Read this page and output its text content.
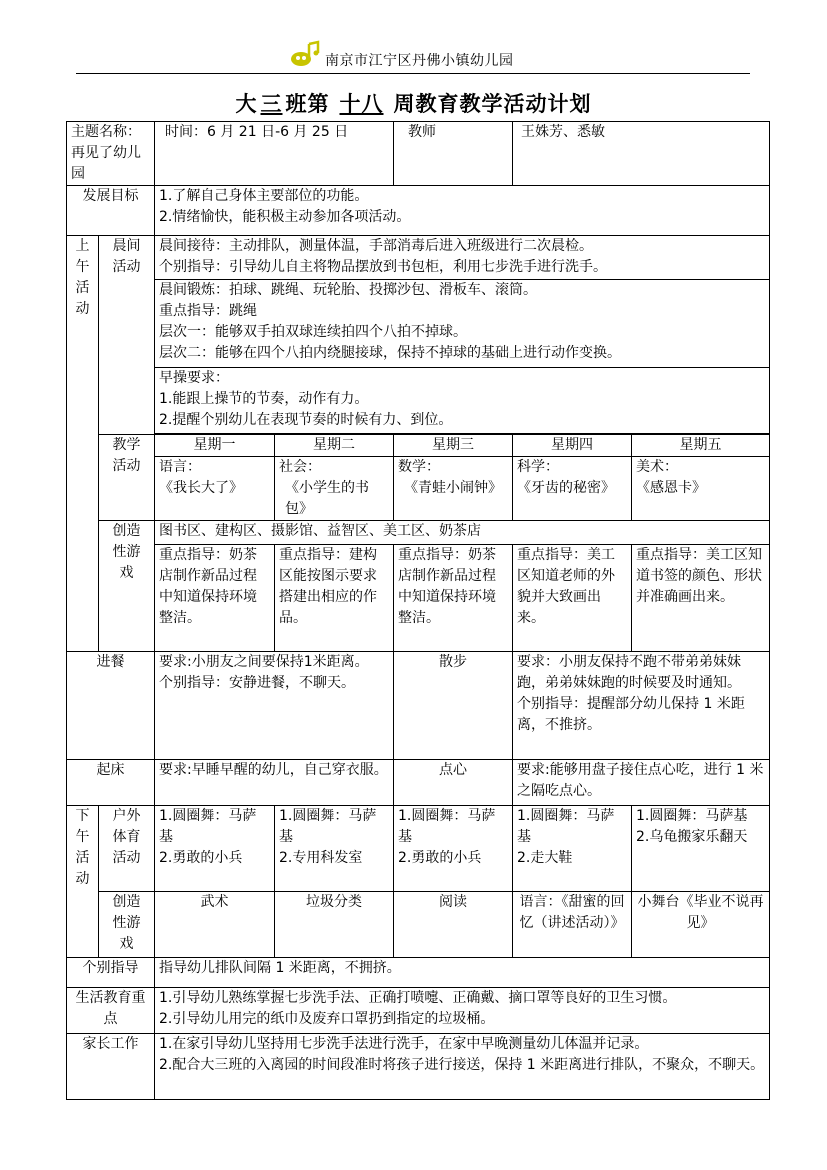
南京市江宁区丹佛小镇幼儿园
大 三 班第 十八 周教育教学活动计划
主题名称：再见了幼儿园		时间：6 月 21 日-6 月 25 日		教师	王姝芳、悉敏	
发展目标		1.了解自己身体主要部位的功能。
2.情绪愉快，能积极主动参加各项活动。				

上午活动	晨间活动	晨间接待：主动排队，测量体温，手部消毒后进入班级进行二次晨检。
个别指导：引导幼儿自主将物品摆放到书包柜，利用七步洗手进行洗手。				

		晨间锻炼：拍球、跳绳、玩轮胎、投掷沙包、滑板车、滚筒。
重点指导：跳绳
层次一：能够双手拍双球连续拍四个八拍不掉球。
层次二：能够在四个八拍内绕腿接球，保持不掉球的基础上进行动作变换。				

		早操要求：
1.能跟上操节的节奏，动作有力。
2.提醒个别幼儿在表现节奏的时候有力、到位。				

	教学活动	星期一	星期二	星期三	星期四	星期五

		语言：
《我长大了》	社会：
《小学生的书包》	数学：
《青蛙小闹钟》	科学：
《牙齿的秘密》	美术：
《感恩卡》

	创造性游戏	图书区、建构区、摄影馆、益智区、美工区、奶茶店				
		重点指导：奶茶店制作新品过程中知道保持环境整洁。	重点指导：建构区能按图示要求搭建出相应的作品。	重点指导：奶茶店制作新品过程中知道保持环境整洁。	重点指导：美工区知道老师的外貌并大致画出来。	重点指导：美工区知道书签的颜色、形状并准确画出来。
进餐		要求:小朋友之间要保持1米距离。
个别指导：安静进餐，不聊天。		散步	要求：小朋友保持不跑不带弟弟妹妹跑，弟弟妹妹跑的时候要及时通知。
个别指导：提醒部分幼儿保持 1 米距离，不推挤。	

起床		要求:早睡早醒的幼儿，自己穿衣服。		点心	要求:能够用盘子接住点心吃，进行 1 米之隔吃点心。	
下午活动	户外体育活动	1.圆圈舞：马萨基
2.勇敢的小兵	1.圆圈舞：马萨基
2.专用科发室	1.圆圈舞：马萨基
2.勇敢的小兵	1.圆圈舞：马萨基
2.走大鞋	1.圆圈舞：马萨基
2.乌龟搬家乐翻天

	创造性游戏	武术	垃圾分类	阅读	语言：《甜蜜的回忆（讲述活动）》	小舞台《毕业不说再见》
个别指导		指导幼儿排队间隔 1 米距离，不拥挤。				
生活教育重 点		1.引导幼儿熟练掌握七步洗手法、正确打喷嚏、正确戴、摘口罩等良好的卫生习惯。
2.引导幼儿用完的纸巾及废弃口罩扔到指定的垃圾桶。				

家长工作		1.在家引导幼儿坚持用七步洗手法进行洗手，在家中早晚测量幼儿体温并记录。
2.配合大三班的入离园的时间段准时将孩子进行接送，保持 1 米距离进行排队，不聚众，不聊天。				
